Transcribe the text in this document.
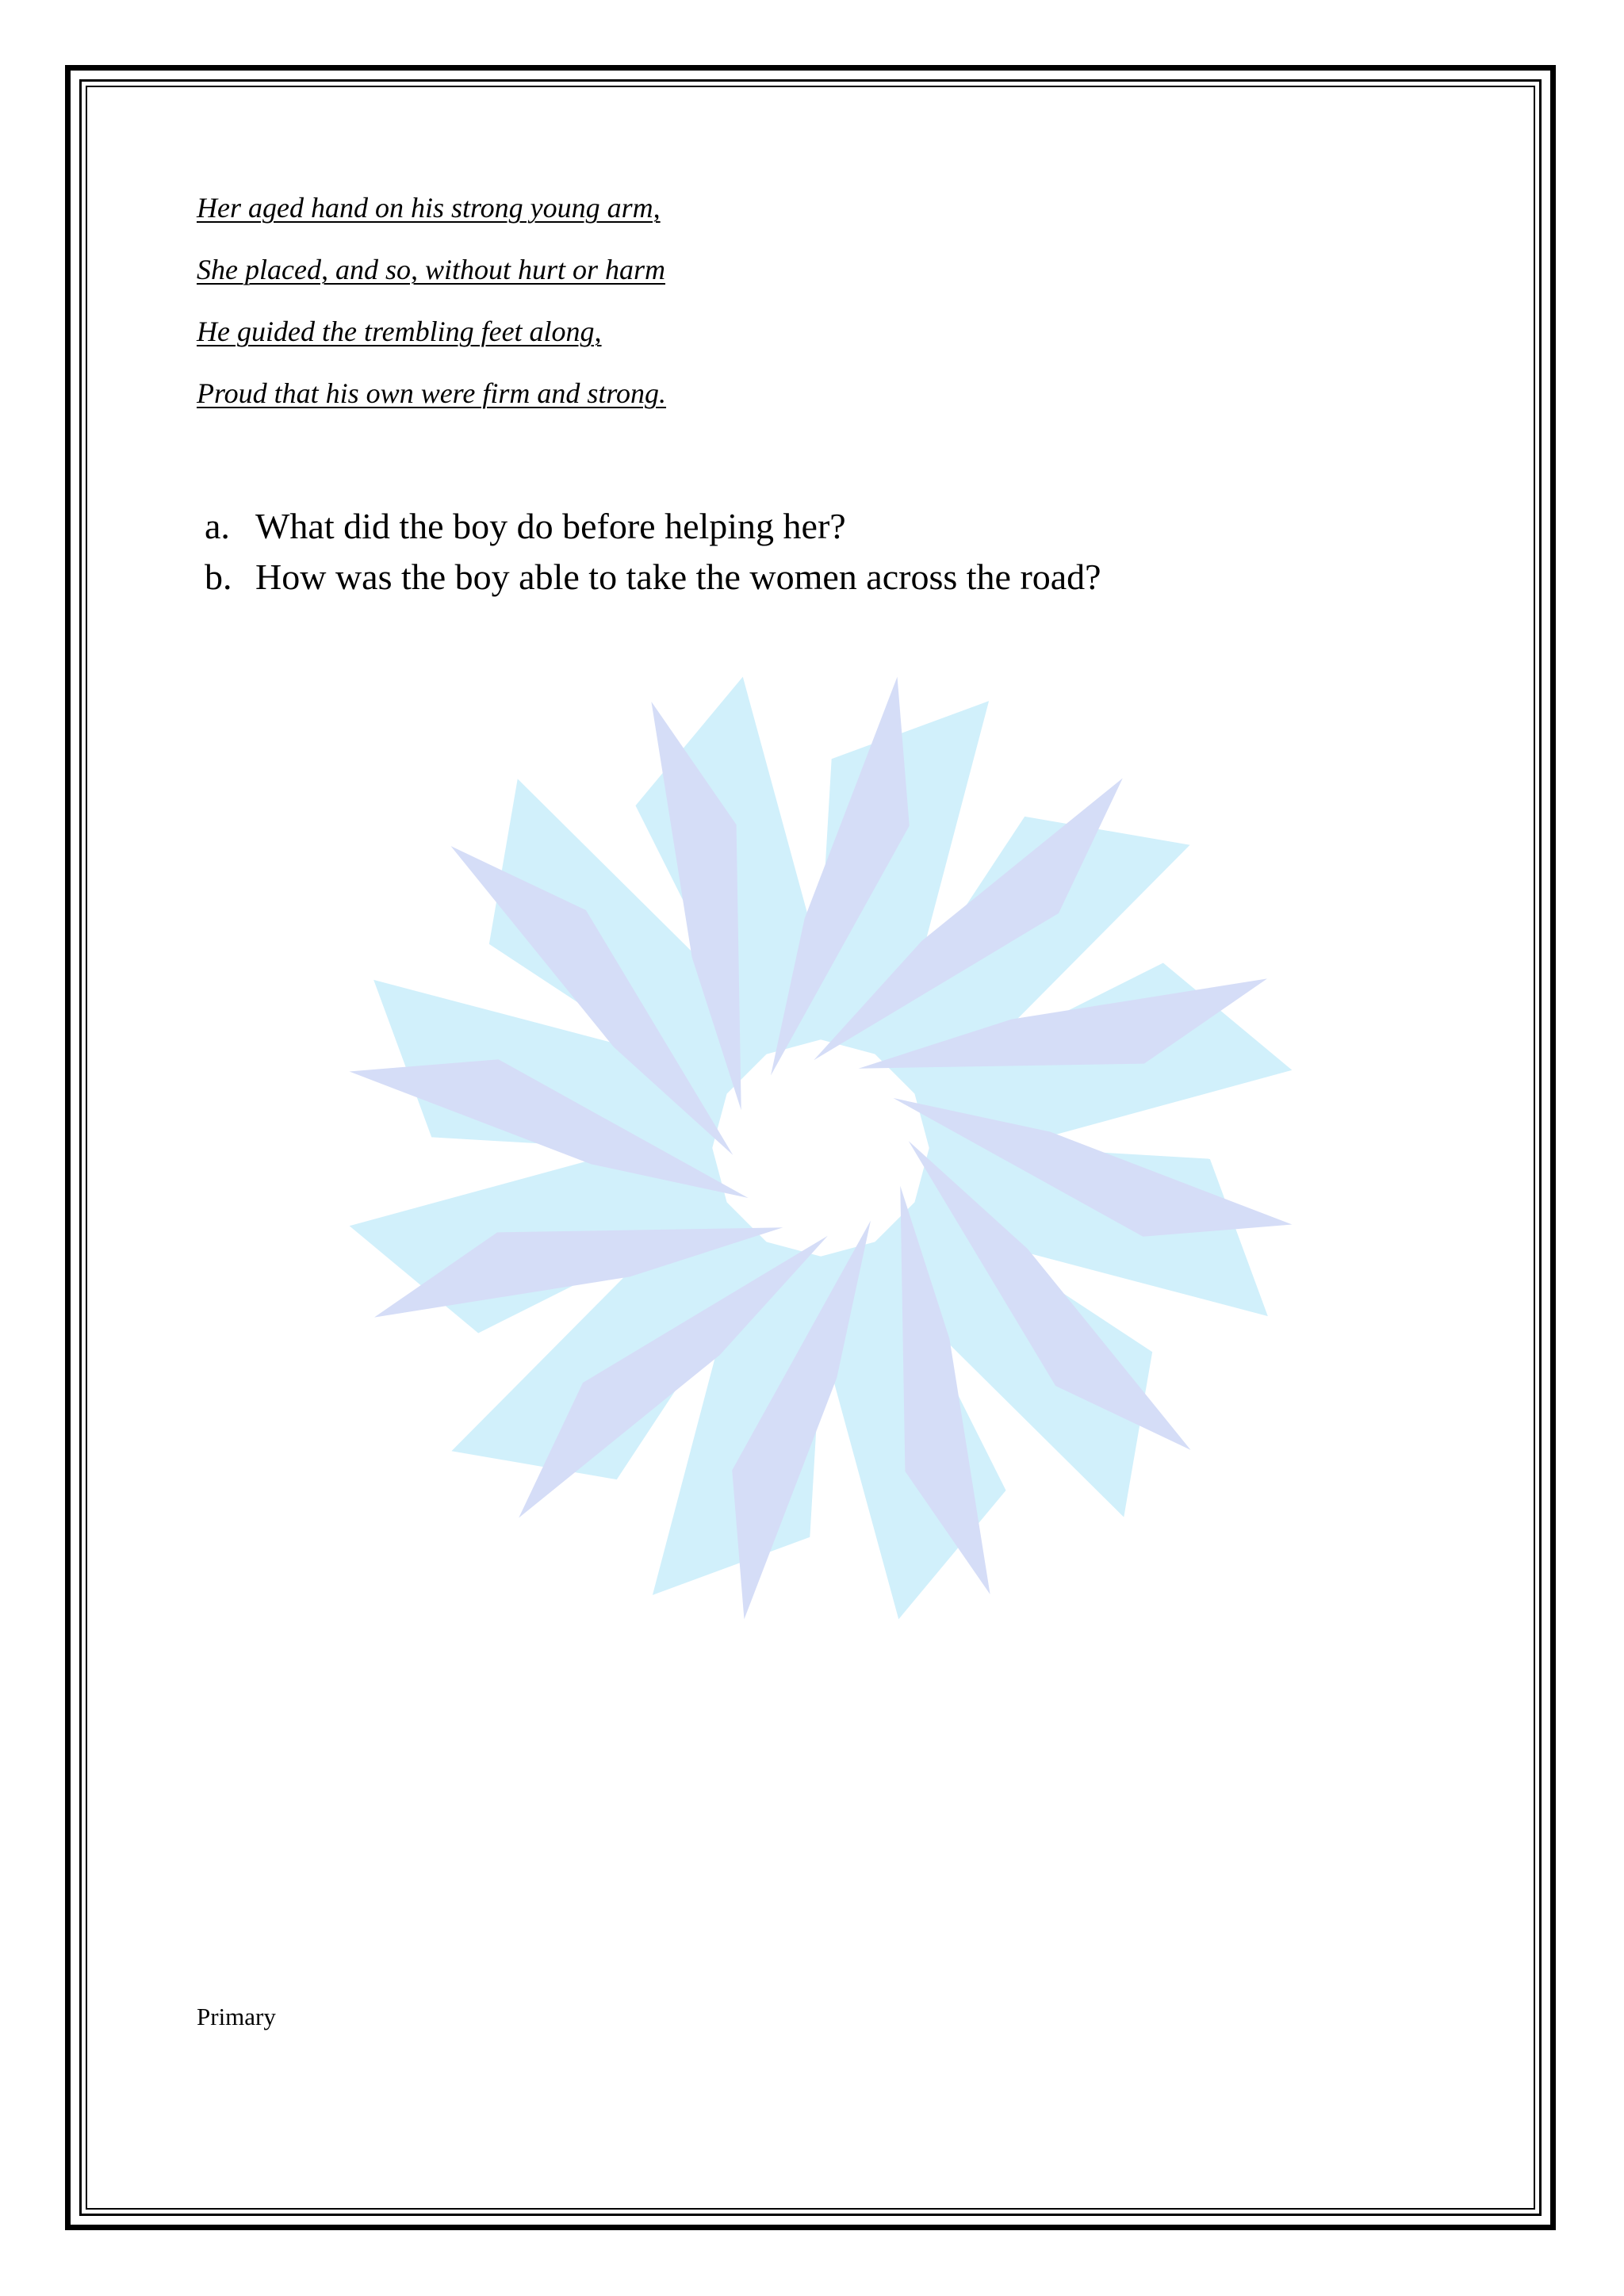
Her aged hand on his strong young arm,
She placed, and so, without hurt or harm
He guided the trembling feet along,
Proud that his own were firm and strong.
a. What did the boy do before helping her?
b. How was the boy able to take the women across the road?
Primary
